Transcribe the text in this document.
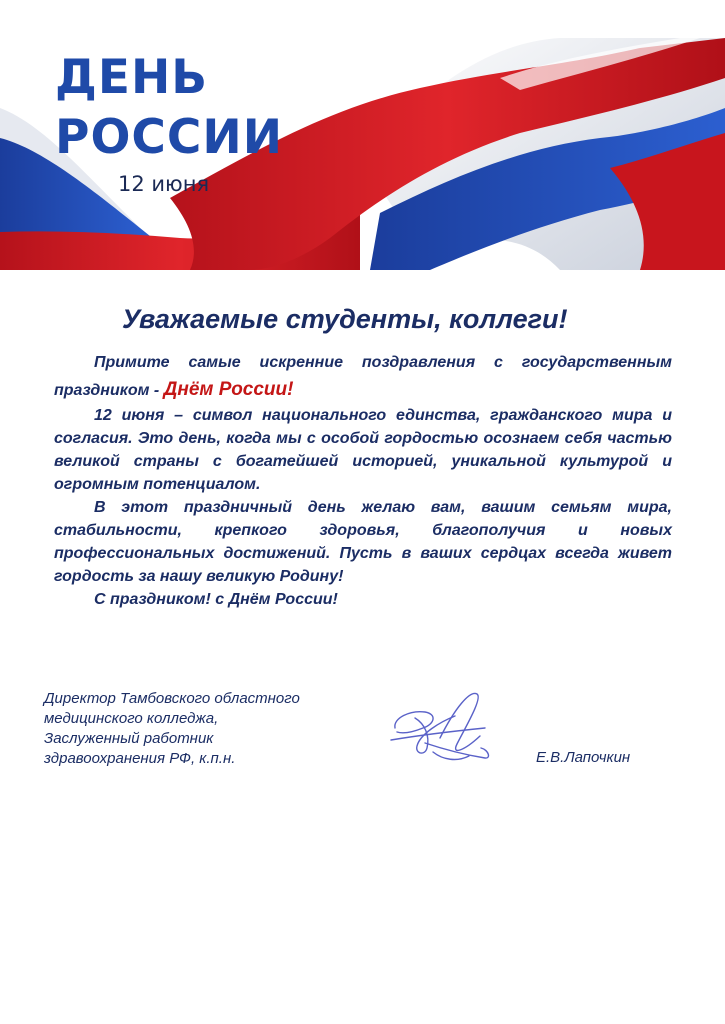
ДЕНЬ
РОССИИ

12 июня

Уважаемые студенты, коллеги!

Примите самые искренние поздравления с государственным праздником - Днём России!

12 июня – символ национального единства, гражданского мира и согласия. Это день, когда мы с особой гордостью осознаем себя частью великой страны с богатейшей историей, уникальной культурой и огромным потенциалом.

В этот праздничный день желаю вам, вашим семьям мира, стабильности, крепкого здоровья, благополучия и новых профессиональных достижений. Пусть в ваших сердцах всегда живет гордость за нашу великую Родину!

С праздником! с Днём России!

Директор Тамбовского областного
медицинского колледжа,
Заслуженный работник
здравоохранения РФ, к.п.н.	Е.В.Лапочкин
